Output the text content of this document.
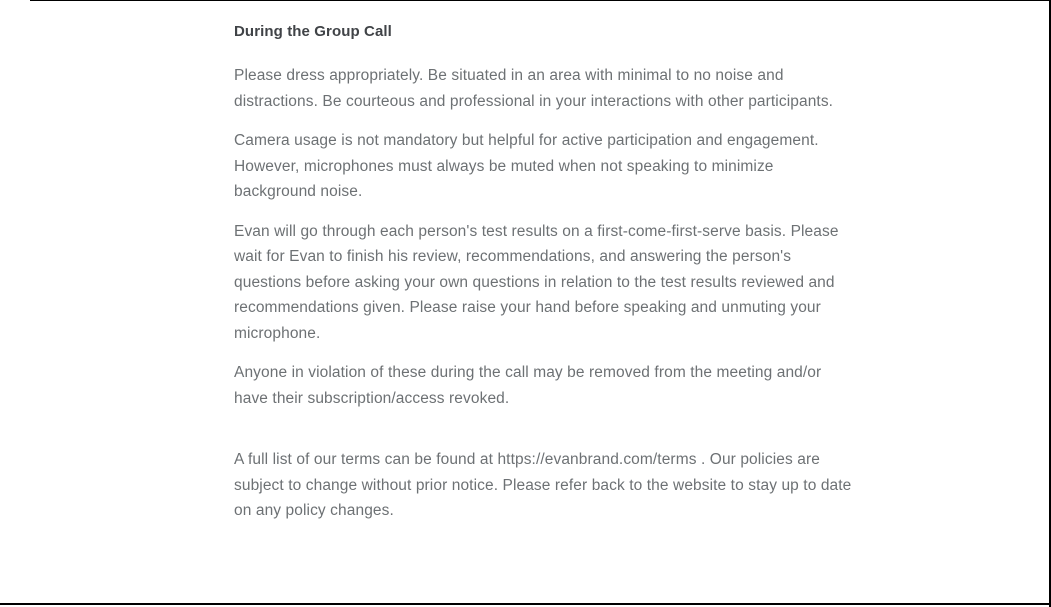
During the Group Call

Please dress appropriately. Be situated in an area with minimal to no noise and distractions. Be courteous and professional in your interactions with other participants.

Camera usage is not mandatory but helpful for active participation and engagement. However, microphones must always be muted when not speaking to minimize background noise.

Evan will go through each person's test results on a first-come-first-serve basis. Please wait for Evan to finish his review, recommendations, and answering the person's questions before asking your own questions in relation to the test results reviewed and recommendations given. Please raise your hand before speaking and unmuting your microphone.

Anyone in violation of these during the call may be removed from the meeting and/or have their subscription/access revoked.

A full list of our terms can be found at https://evanbrand.com/terms . Our policies are subject to change without prior notice. Please refer back to the website to stay up to date on any policy changes.
